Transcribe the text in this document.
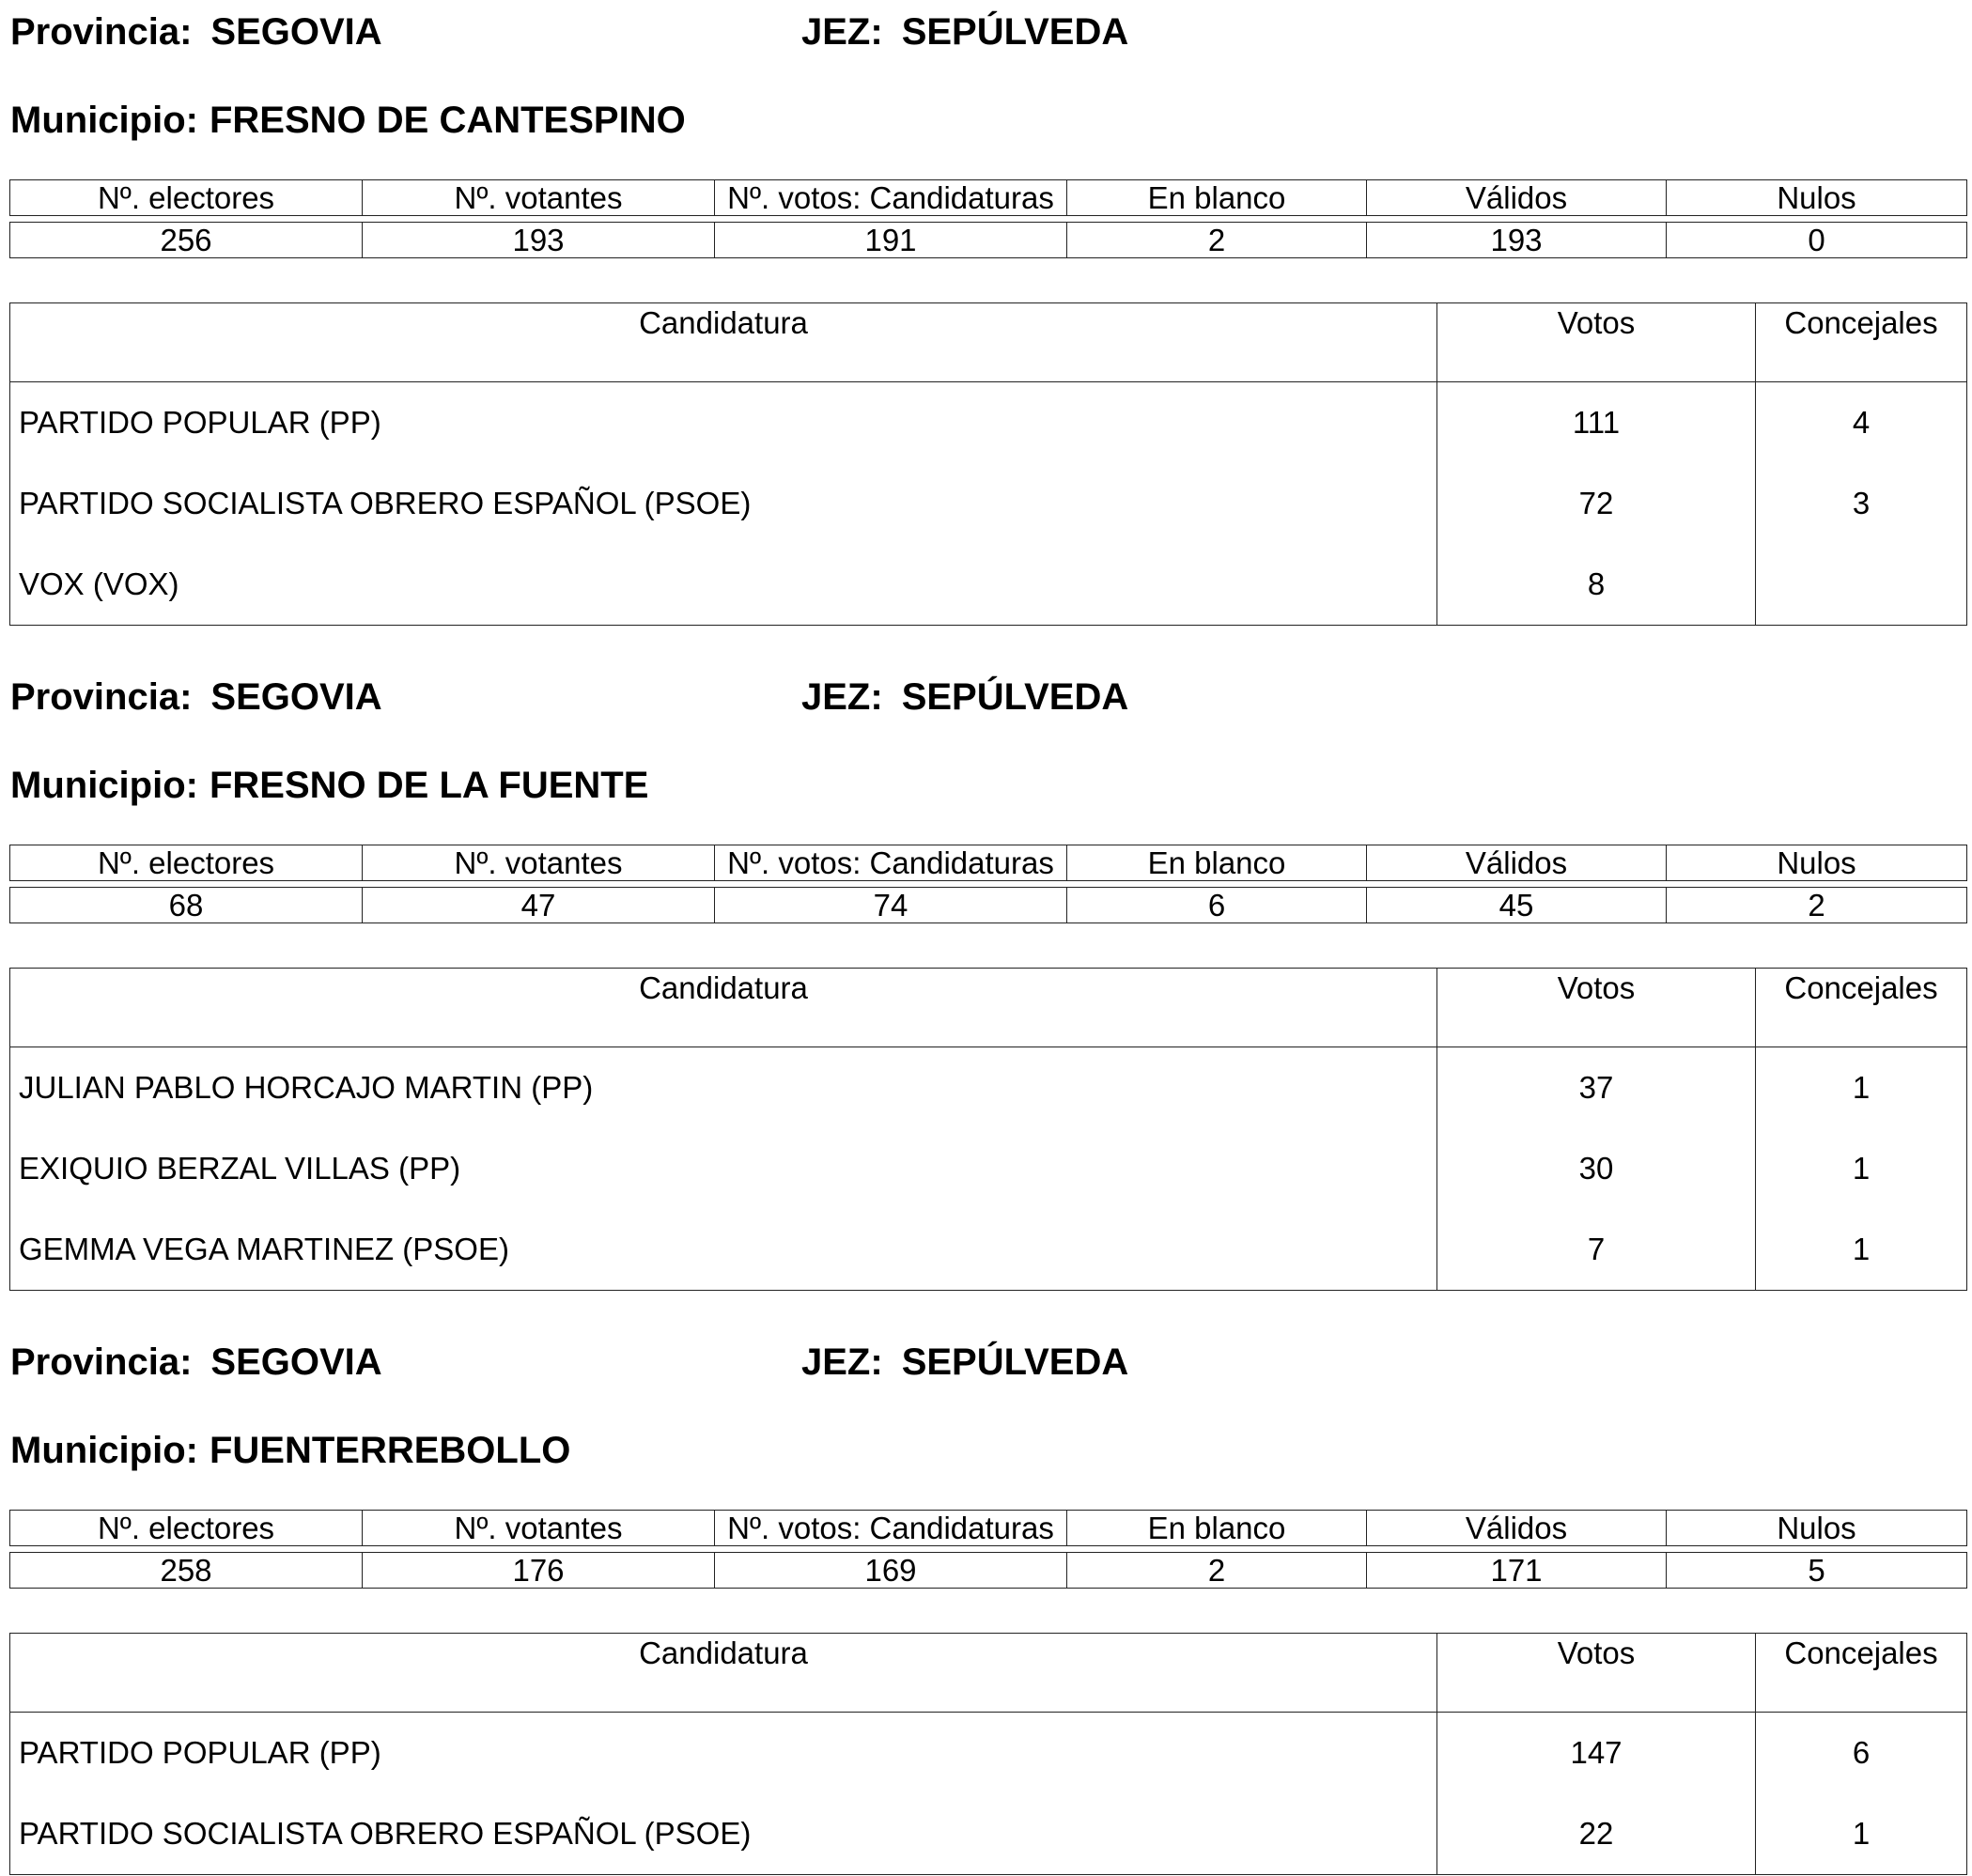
Provincia: SEGOVIA	JEZ: SEPÚLVEDA
Municipio: FRESNO DE CANTESPINO
Nº. electores	Nº. votantes	Nº. votos: Candidaturas	En blanco	Válidos	Nulos

256	193	191	2	193	0
Candidatura	Votos	Concejales
PARTIDO POPULAR (PP)	111	4
PARTIDO SOCIALISTA OBRERO ESPAÑOL (PSOE)	72	3
VOX (VOX)	8	
Provincia: SEGOVIA	JEZ: SEPÚLVEDA
Municipio: FRESNO DE LA FUENTE
Nº. electores	Nº. votantes	Nº. votos: Candidaturas	En blanco	Válidos	Nulos

68	47	74	6	45	2
Candidatura	Votos	Concejales
JULIAN PABLO HORCAJO MARTIN (PP)	37	1
EXIQUIO BERZAL VILLAS (PP)	30	1
GEMMA VEGA MARTINEZ (PSOE)	7	1
Provincia: SEGOVIA	JEZ: SEPÚLVEDA
Municipio: FUENTERREBOLLO
Nº. electores	Nº. votantes	Nº. votos: Candidaturas	En blanco	Válidos	Nulos

258	176	169	2	171	5
Candidatura	Votos	Concejales
PARTIDO POPULAR (PP)	147	6
PARTIDO SOCIALISTA OBRERO ESPAÑOL (PSOE)	22	1
